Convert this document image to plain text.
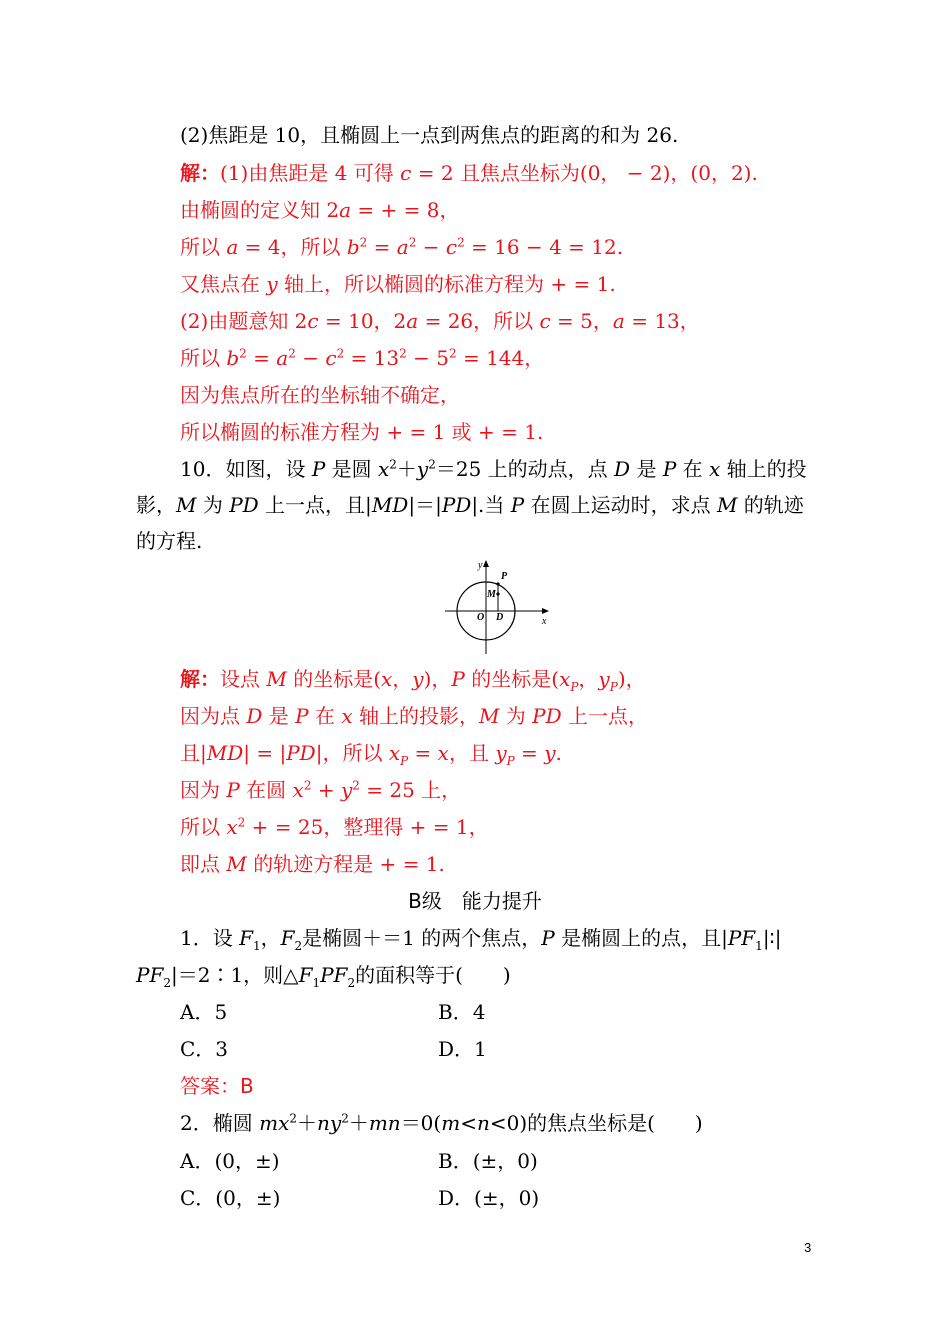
(2)焦距是 10，且椭圆上一点到两焦点的距离的和为 26.
解：(1)由焦距是 4 可得 c = 2 且焦点坐标为(0， − 2)，(0，2).
由椭圆的定义知 2a = + = 8，
所以 a = 4，所以 $b^2 = a^2 - c^2 = 16 - 4 = 12$.
又焦点在 y 轴上，所以椭圆的标准方程为 + = 1.
(2)由题意知 2c = 10，2a = 26，所以 c = 5，a = 13，
所以 $b^2 = a^2 - c^2 = 13^2 - 5^2 = 144$，
因为焦点所在的坐标轴不确定，
所以椭圆的标准方程为 + = 1 或 + = 1.
10．如图，设 P 是圆 $x^2+y^2=25$ 上的动点，点 D 是 P 在 x 轴上的投
影，M 为 PD 上一点，且|MD|＝|PD|.当 P 在圆上运动时，求点 M 的轨迹
的方程.
y
x
O
M
D
P
解：设点 M 的坐标是(x，y)，P 的坐标是($x_P$，$y_P$)，
因为点 D 是 P 在 x 轴上的投影，M 为 PD 上一点，
且|MD| = |PD|，所以 $x_P = x$，且 $y_P = y$.
因为 P 在圆 $x^2 + y^2 = 25$ 上，
所以 $x^2$ + = 25，整理得 + = 1，
即点 M 的轨迹方程是 + = 1.
B级　能力提升
1．设 $F_1$，$F_2$是椭圆＋＝1 的两个焦点，P 是椭圆上的点，且$|PF_1|∶|$
$PF_2|=2∶1$，则$\triangle F_1PF_2$的面积等于(　　)
A．5	B．4
C．3	D．1
答案：B
2．椭圆 $mx^2+ny^2+mn=0(m<n<0)$的焦点坐标是(　　)
A．(0，±)	B．(±，0)
C．(0，±)	D．(±，0)
3
